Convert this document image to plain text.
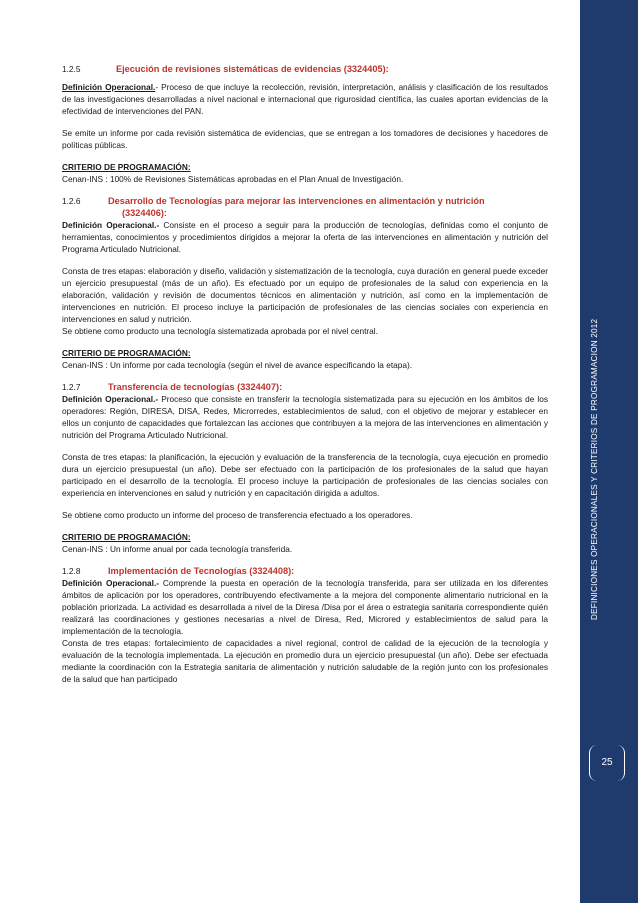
DEFINICIONES OPERACIONALES Y CRITERIOS DE PROGRAMACION 2012
25
1.2.5	Ejecución de revisiones sistemáticas de evidencias (3324405):

Definición Operacional.- Proceso de que incluye la recolección, revisión, interpretación, análisis y clasificación de los resultados de las investigaciones desarrolladas a nivel nacional e internacional que rigurosidad científica, las cuales aportan evidencias de la efectividad de intervenciones del PAN.

Se emite un informe por cada revisión sistemática de evidencias, que se entregan a los tomadores de decisiones y hacedores de políticas públicas.

CRITERIO DE PROGRAMACIÓN:

Cenan-INS : 100% de Revisiones Sistemáticas aprobadas en el Plan Anual de Investigación.

1.2.6	Desarrollo de Tecnologías para mejorar las intervenciones en alimentación y nutrición

(3324406):

Definición Operacional.- Consiste en el proceso a seguir para la producción de tecnologías, definidas como el conjunto de herramientas, conocimientos y procedimientos dirigidos a mejorar la oferta de las intervenciones en alimentación y nutrición del Programa Articulado Nutricional.

Consta de tres etapas: elaboración y diseño, validación y sistematización de la tecnología, cuya duración en general puede exceder un ejercicio presupuestal (más de un año). Es efectuado por un equipo de profesionales de la salud con experiencia en la elaboración, validación y revisión de documentos técnicos en alimentación y nutrición, así como en la implementación de intervenciones en nutrición. El proceso incluye la participación de profesionales de las ciencias sociales con experiencia en intervenciones en salud y nutrición.

Se obtiene como producto una tecnología sistematizada aprobada por el nivel central.

CRITERIO DE PROGRAMACIÓN:

Cenan-INS : Un informe por cada tecnología (según el nivel de avance especificando la etapa).

1.2.7	Transferencia de tecnologías (3324407):

Definición Operacional.- Proceso que consiste en transferir la tecnología sistematizada para su ejecución en los ámbitos de los operadores: Región, DIRESA, DISA, Redes, Microrredes, establecimientos de salud, con el objetivo de mejorar y establecer en ellos un conjunto de capacidades que fortalezcan las acciones que contribuyen a la mejora de las intervenciones en alimentación y nutrición del Programa Articulado Nutricional.

Consta de tres etapas: la planificación, la ejecución y evaluación de la transferencia de la tecnología, cuya ejecución en promedio dura un ejercicio presupuestal (un año). Debe ser efectuado con la participación de los profesionales de la salud que hayan participado en el desarrollo de la tecnología. El proceso incluye la participación de profesionales de las ciencias sociales con experiencia en intervenciones en salud y nutrición y en capacitación dirigida a adultos.

Se obtiene como producto un informe del proceso de transferencia efectuado a los operadores.

CRITERIO DE PROGRAMACIÓN:

Cenan-INS : Un informe anual por cada tecnología transferida.

1.2.8	Implementación de Tecnologías (3324408):

Definición Operacional.- Comprende la puesta en operación de la tecnología transferida, para ser utilizada en los diferentes ámbitos de aplicación por los operadores, contribuyendo efectivamente a la mejora del componente alimentario nutricional en la población priorizada. La actividad es desarrollada a nivel de la Diresa /Disa por el área o estrategia sanitaria correspondiente quién realizará las coordinaciones y gestiones necesarias a nivel de Diresa, Red, Microred y establecimientos de salud para la implementación de la tecnología.

Consta de tres etapas: fortalecimiento de capacidades a nivel regional, control de calidad de la ejecución de la tecnología y evaluación de la tecnología implementada. La ejecución en promedio dura un ejercicio presupuestal (un año). Debe ser efectuada mediante la coordinación con la Estrategia sanitaria de alimentación y nutrición saludable de la región junto con los profesionales de la salud que han participado
